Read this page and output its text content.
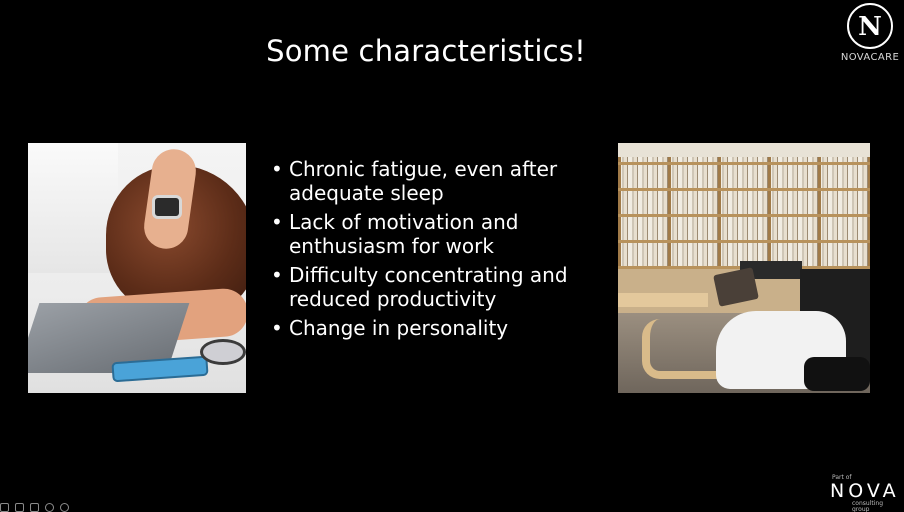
Some characteristics!
N
NOVACARE
• Chronic fatigue, even after adequate sleep
• Lack of motivation and enthusiasm for work
• Difficulty concentrating and reduced productivity
• Change in personality
Part of
NOVA
consulting group
